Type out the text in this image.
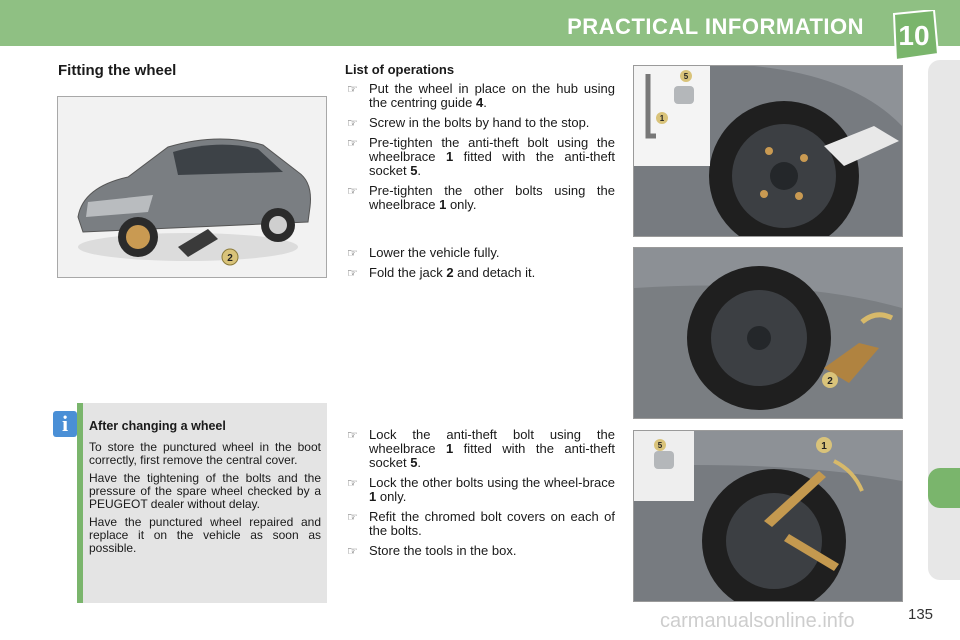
PRACTICAL INFORMATION	10
Fitting the wheel
2
List of operations
☞ Put the wheel in place on the hub using the centring guide 4.
☞ Screw in the bolts by hand to the stop.
☞ Pre-tighten the anti-theft bolt using the wheelbrace 1 fitted with the anti-theft socket 5.
☞ Pre-tighten the other bolts using the wheelbrace 1 only.
☞ Lower the vehicle fully.
☞ Fold the jack 2 and detach it.
☞ Lock the anti-theft bolt using the wheelbrace 1 fitted with the anti-theft socket 5.
☞ Lock the other bolts using the wheel-brace 1 only.
☞ Refit the chromed bolt covers on each of the bolts.
☞ Store the tools in the box.
5
1
2
5	1
After changing a wheel

To store the punctured wheel in the boot correctly, first remove the central cover.

Have the tightening of the bolts and the pressure of the spare wheel checked by a PEUGEOT dealer without delay.

Have the punctured wheel repaired and replace it on the vehicle as soon as possible.

i
carmanualsonline.info	135
